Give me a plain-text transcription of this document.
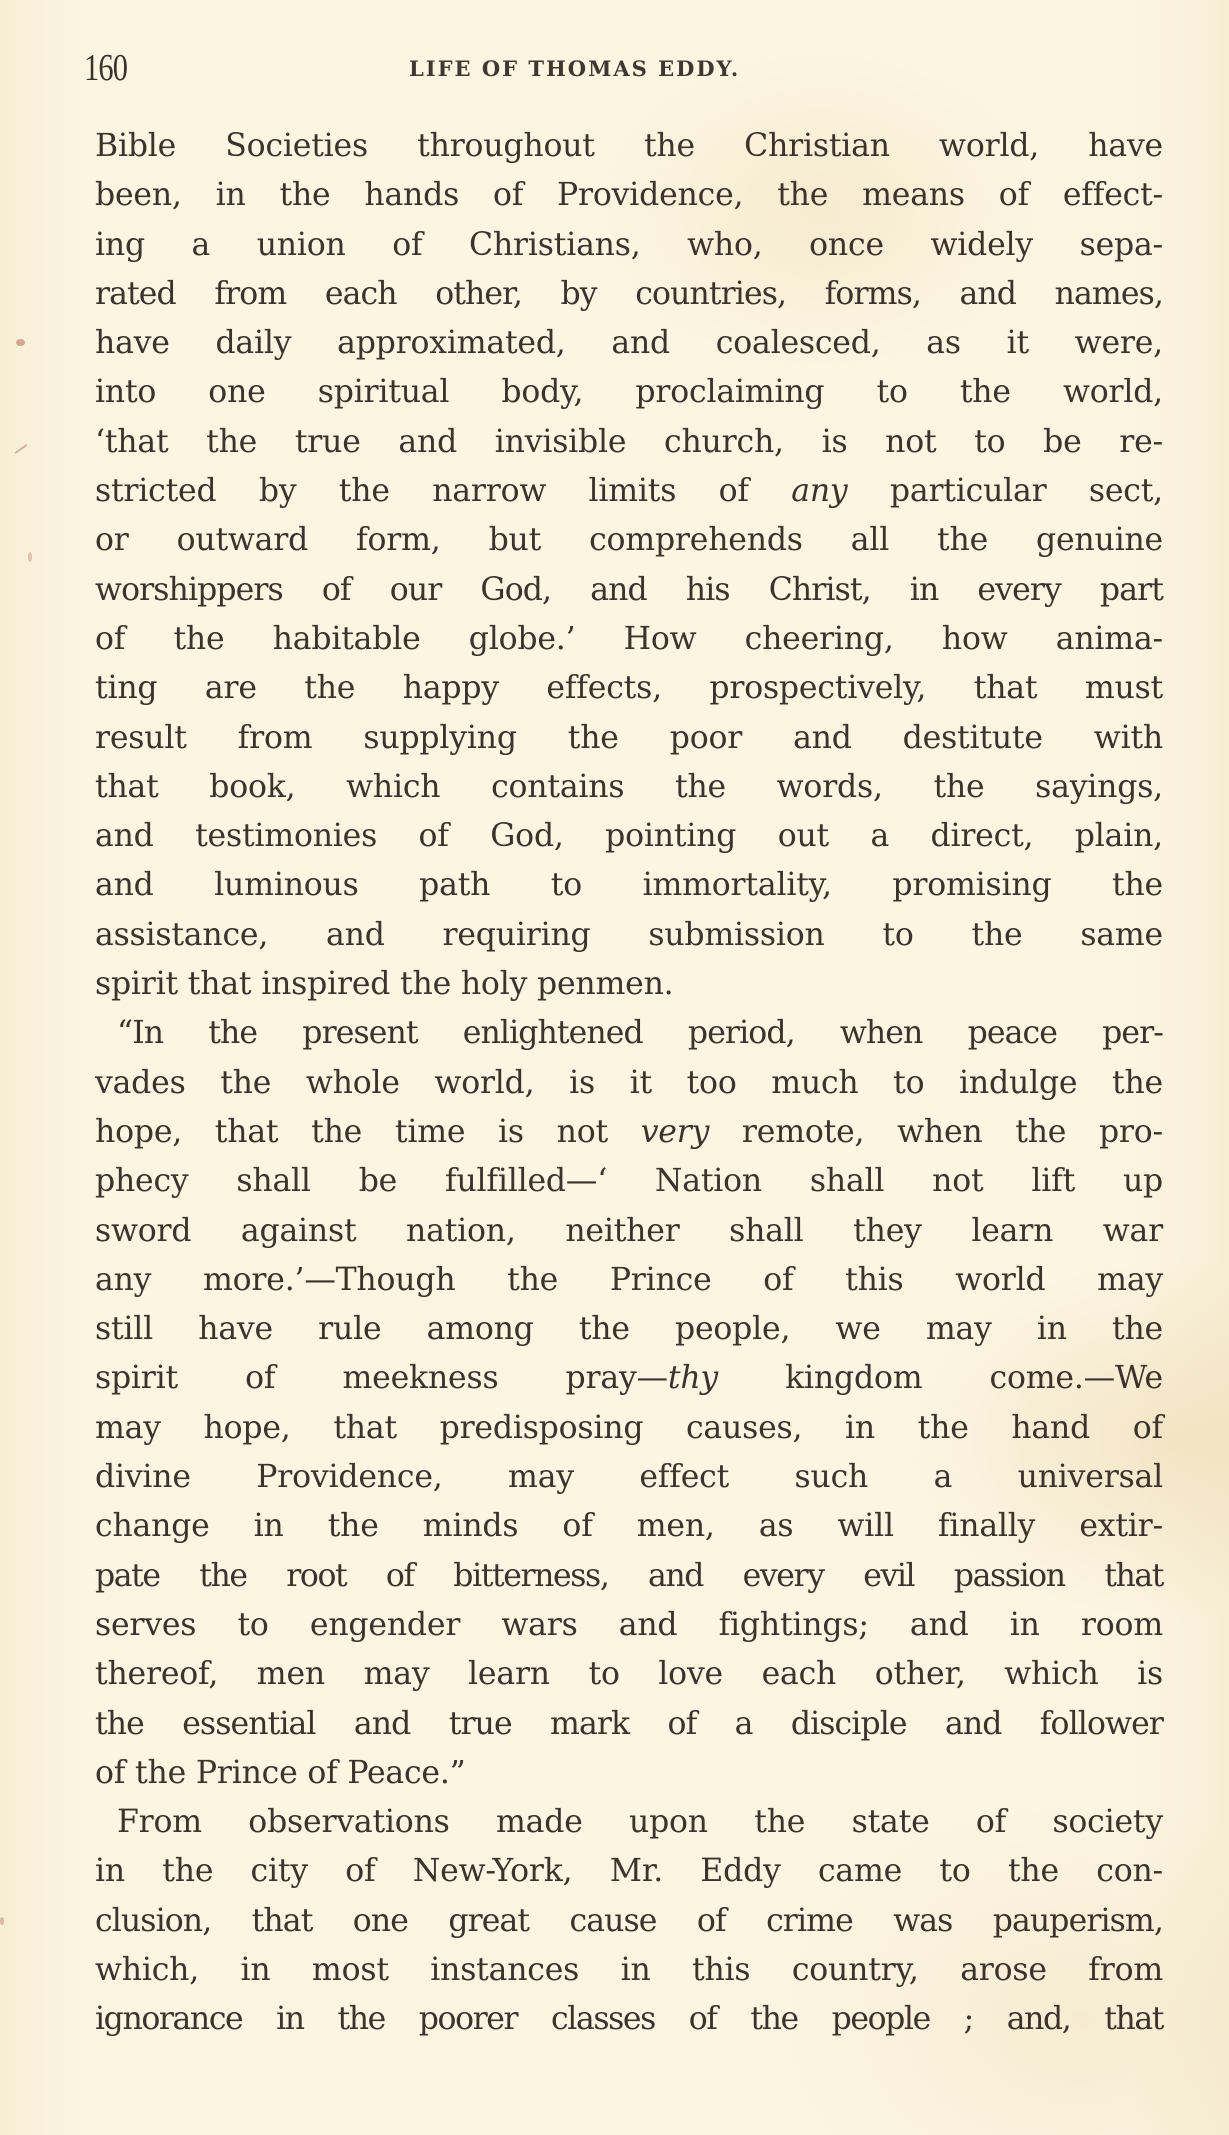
160	LIFE OF THOMAS EDDY.
Bible Societies throughout the Christian world, have
been, in the hands of Providence, the means of effect-
ing a union of Christians, who, once widely sepa-
rated from each other, by countries, forms, and names,
have daily approximated, and coalesced, as it were,
into one spiritual body, proclaiming to the world,
‘that the true and invisible church, is not to be re-
stricted by the narrow limits of any particular sect,
or outward form, but comprehends all the genuine
worshippers of our God, and his Christ, in every part
of the habitable globe.’ How cheering, how anima-
ting are the happy effects, prospectively, that must
result from supplying the poor and destitute with
that book, which contains the words, the sayings,
and testimonies of God, pointing out a direct, plain,
and luminous path to immortality, promising the
assistance, and requiring submission to the same
spirit that inspired the holy penmen.
“In the present enlightened period, when peace per-
vades the whole world, is it too much to indulge the
hope, that the time is not very remote, when the pro-
phecy shall be fulfilled—‘ Nation shall not lift up
sword against nation, neither shall they learn war
any more.’—Though the Prince of this world may
still have rule among the people, we may in the
spirit of meekness pray—thy kingdom come.—We
may hope, that predisposing causes, in the hand of
divine Providence, may effect such a universal
change in the minds of men, as will finally extir-
pate the root of bitterness, and every evil passion that
serves to engender wars and fightings; and in room
thereof, men may learn to love each other, which is
the essential and true mark of a disciple and follower
of the Prince of Peace.”
From observations made upon the state of society
in the city of New-York, Mr. Eddy came to the con-
clusion, that one great cause of crime was pauperism,
which, in most instances in this country, arose from
ignorance in the poorer classes of the people ; and, that
